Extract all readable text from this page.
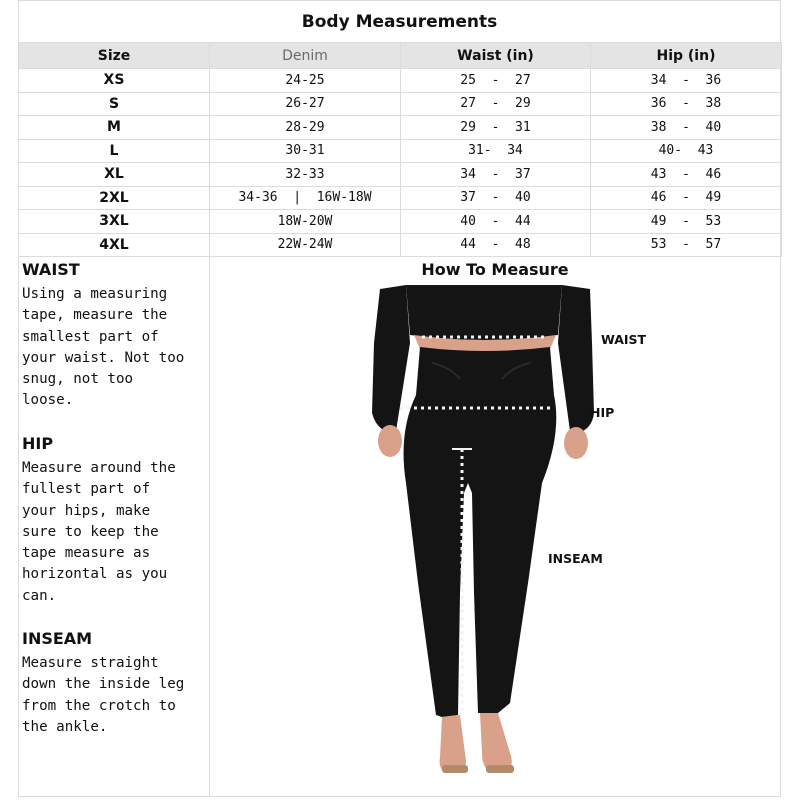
Body Measurements
Size	Denim	Waist (in)	Hip (in)
XS	24-25	25  -  27	34  -  36
S	26-27	27  -  29	36  -  38
M	28-29	29  -  31	38  -  40
L	30-31	31-  34	40-  43
XL	32-33	34  -  37	43  -  46
2XL	34-36  |  16W-18W	37  -  40	46  -  49
3XL	18W-20W	40  -  44	49  -  53
4XL	22W-24W	44  -  48	53  -  57
WAIST

Using a measuring
tape, measure the
smallest part of
your waist. Not too
snug, not too
loose.

HIP

Measure around the
fullest part of
your hips, make
sure to keep the
tape measure as
horizontal as you
can.

INSEAM

Measure straight
down the inside leg
from the crotch to
the ankle.

How To Measure
WAIST
HIP
INSEAM
